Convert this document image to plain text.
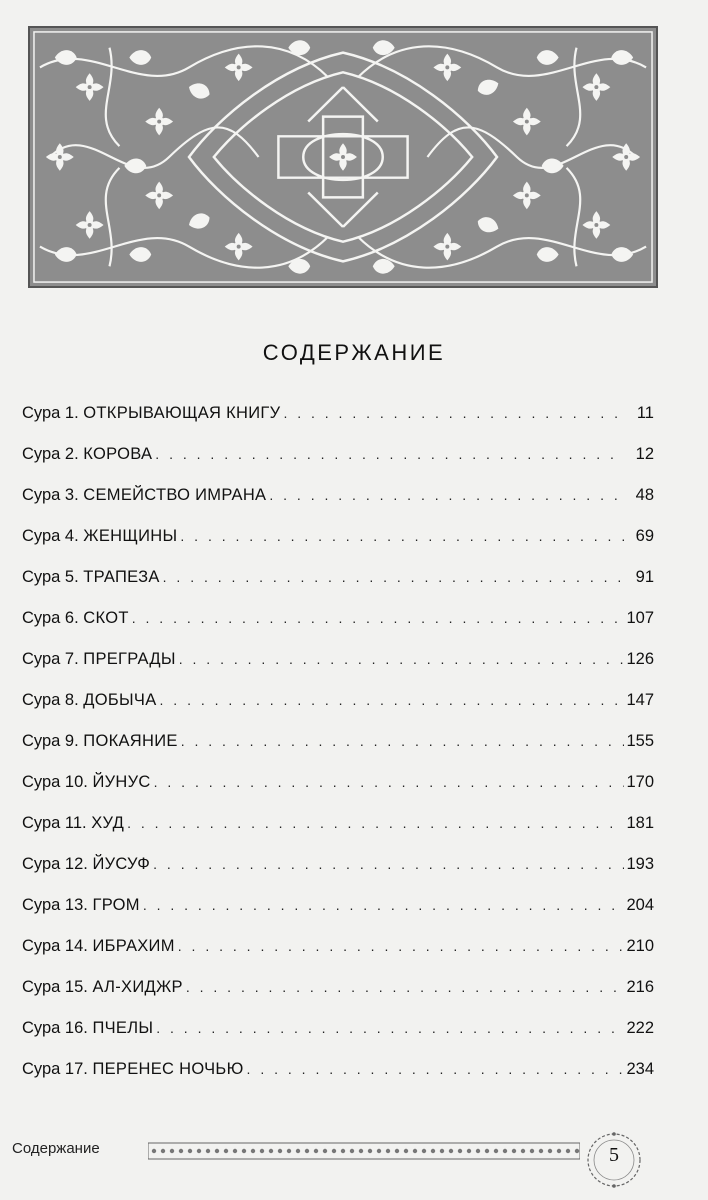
СОДЕРЖАНИЕ
Сура 1. ОТКРЫВАЮЩАЯ КНИГУ . . .	11
Сура 2. КОРОВА . . .	12
Сура 3. СЕМЕЙСТВО ИМРАНА . . .	48
Сура 4. ЖЕНЩИНЫ . . .	69
Сура 5. ТРАПЕЗА . . .	91
Сура 6. СКОТ . . .	107
Сура 7. ПРЕГРАДЫ . . .	126
Сура 8. ДОБЫЧА . . .	147
Сура 9. ПОКАЯНИЕ . . .	155
Сура 10. ЙУНУС . . .	170
Сура 11. ХУД . . .	181
Сура 12. ЙУСУФ . . .	193
Сура 13. ГРОМ . . .	204
Сура 14. ИБРАХИМ . . .	210
Сура 15. АЛ-ХИДЖР . . .	216
Сура 16. ПЧЕЛЫ . . .	222
Сура 17. ПЕРЕНЕС НОЧЬЮ . . .	234
Содержание	5
